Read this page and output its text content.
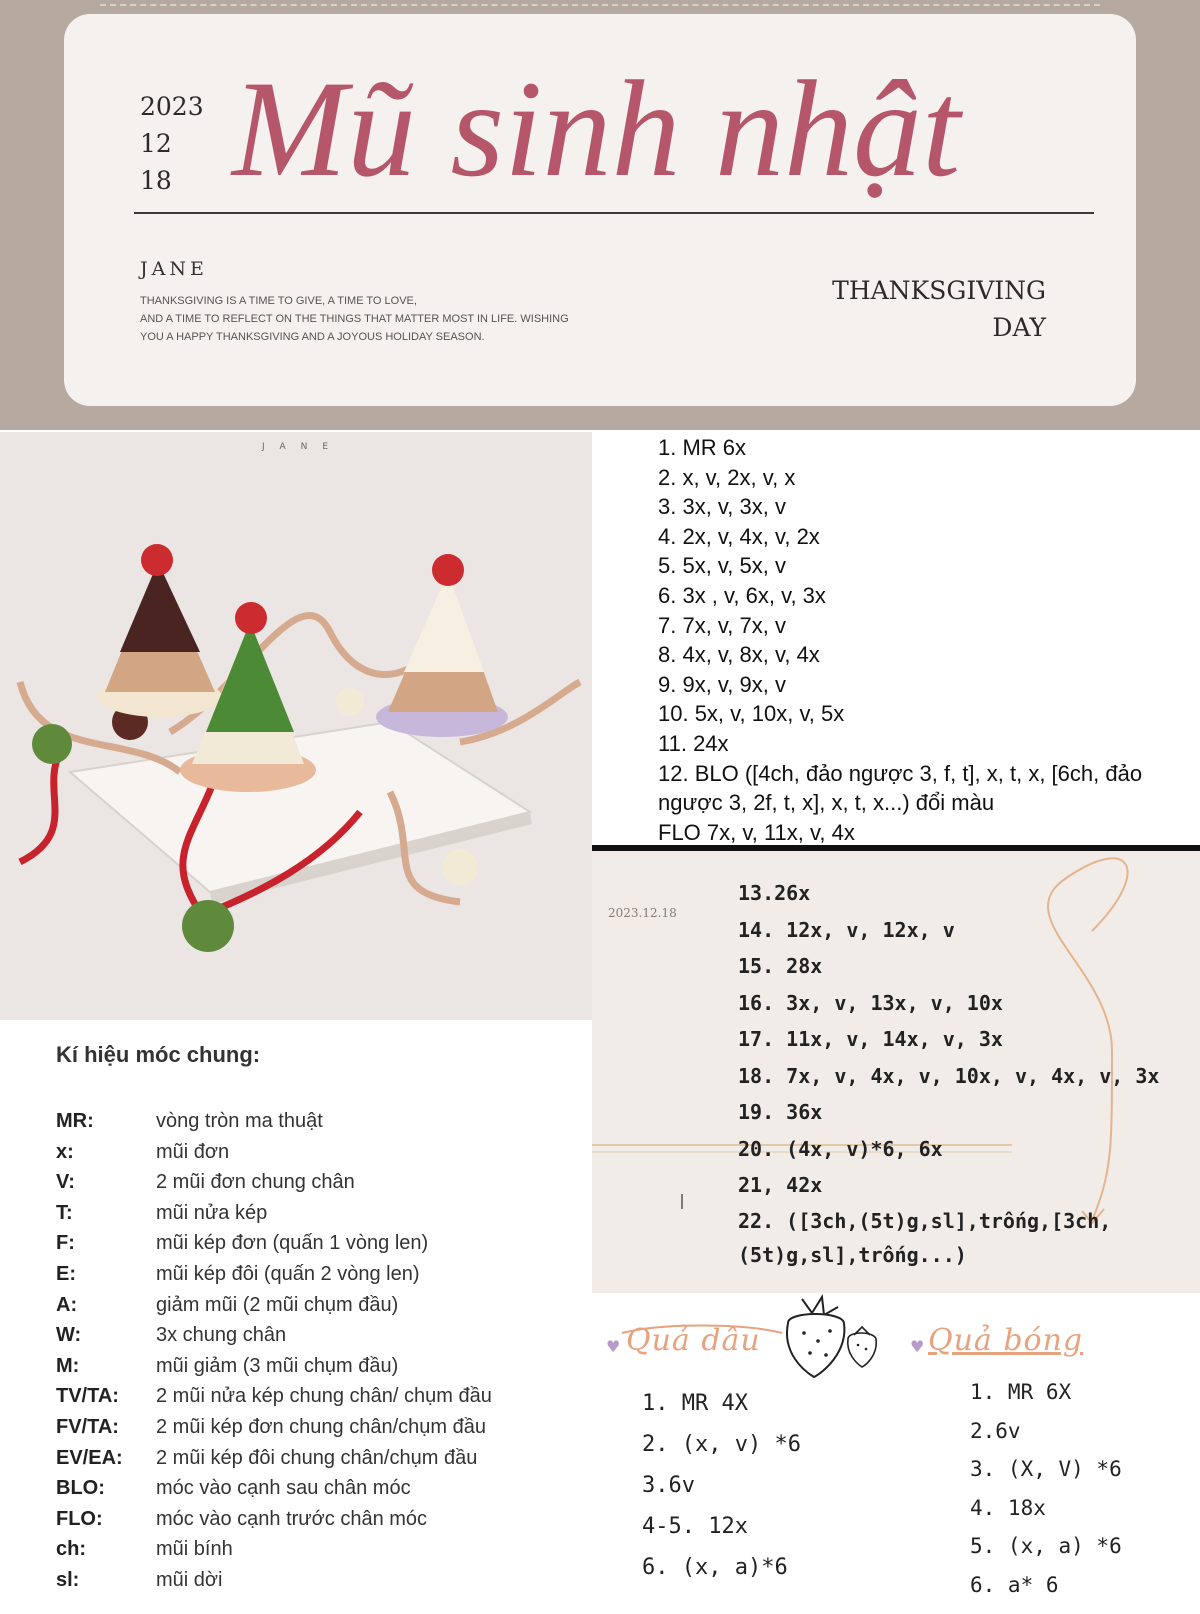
2023
12
18 Mũ sinh nhật
JANE
THANKSGIVING IS A TIME TO GIVE, A TIME TO LOVE,
AND A TIME TO REFLECT ON THE THINGS THAT MATTER MOST IN LIFE. WISHING
YOU A HAPPY THANKSGIVING AND A JOYOUS HOLIDAY SEASON.
THANKSGIVING
DAY
JANE	1. MR 6x
2. x, v, 2x, v, x
3. 3x, v, 3x, v
4. 2x, v, 4x, v, 2x
5. 5x, v, 5x, v
6. 3x , v, 6x, v, 3x
7. 7x, v, 7x, v
8. 4x, v, 8x, v, 4x
9. 9x, v, 9x, v
10. 5x, v, 10x, v, 5x
11. 24x
12. BLO ([4ch, đảo ngược 3, f, t], x, t, x, [6ch, đảo ngược 3, 2f, t, x], x, t, x...) đổi màu
FLO 7x, v, 11x, v, 4x
2023.12.18
13.26x
14. 12x, v, 12x, v
15. 28x
16. 3x, v, 13x, v, 10x
17. 11x, v, 14x, v, 3x
18. 7x, v, 4x, v, 10x, v, 4x, v, 3x
19. 36x
20. (4x, v)*6, 6x
21, 42x
22. ([3ch,(5t)g,sl],trống,[3ch,(5t)g,sl],trống...)
Kí hiệu móc chung:
MR:	vòng tròn ma thuật
x:	mũi đơn
V:	2 mũi đơn chung chân
T:	mũi nửa kép
F:	mũi kép đơn (quấn 1 vòng len)
E:	mũi kép đôi (quấn 2 vòng len)
A:	giảm mũi (2 mũi chụm đầu)
W:	3x chung chân
M:	mũi giảm (3 mũi chụm đầu)
TV/TA:	2 mũi nửa kép chung chân/ chụm đầu
FV/TA:	2 mũi kép đơn chung chân/chụm đầu
EV/EA:	2 mũi kép đôi chung chân/chụm đầu
BLO:	móc vào cạnh sau chân móc
FLO:	móc vào cạnh trước chân móc
ch:	mũi bính
sl:	mũi dời
♥ Quả dâu	♥ Quả bóng
1. MR 4X
2. (x, v) *6
3.6v
4-5. 12x
6. (x, a)*6
1. MR 6X
2.6v
3. (X, V) *6
4. 18x
5. (x, a) *6
6. a* 6
